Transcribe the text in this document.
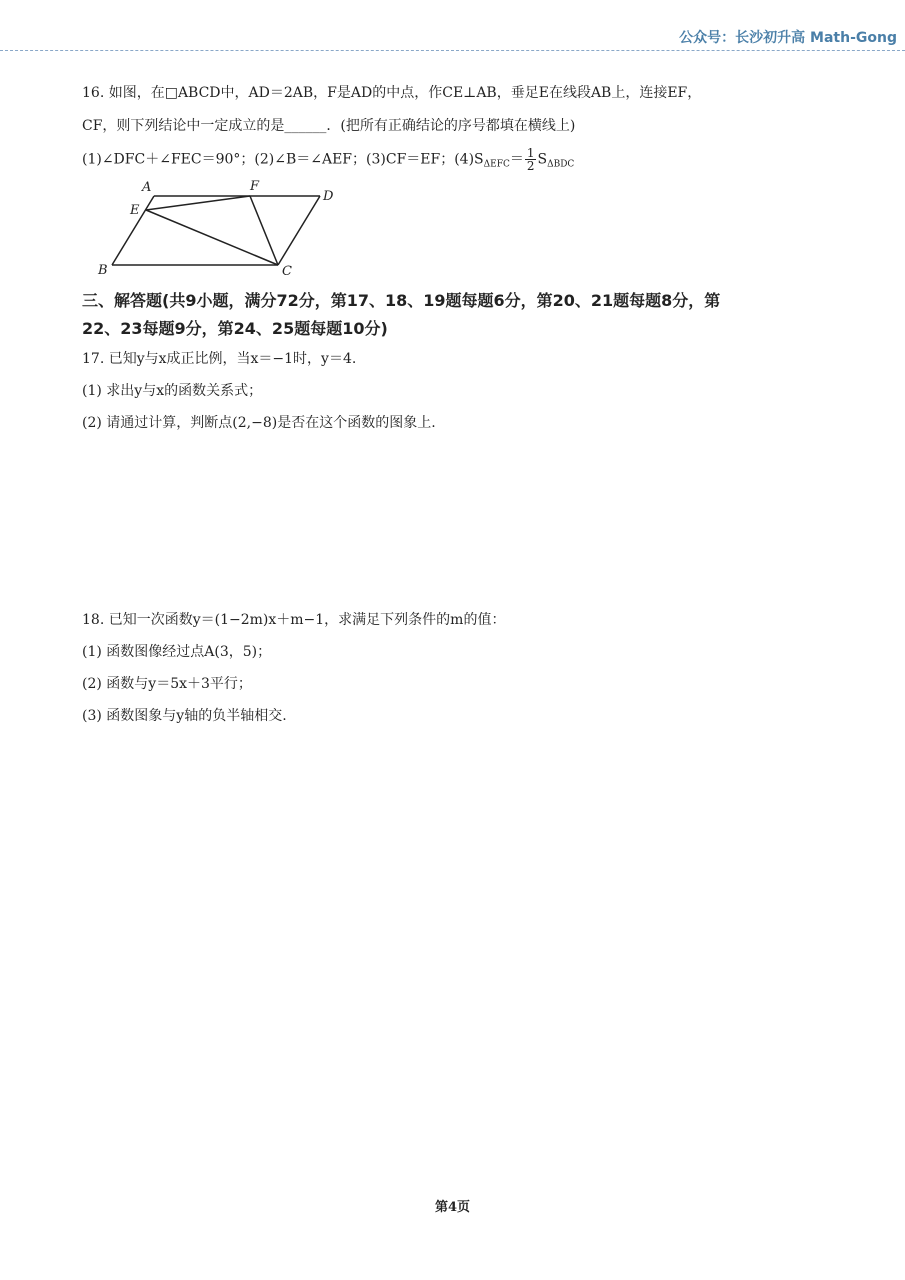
公众号：长沙初升高 Math-Gong
16. 如图，在□ABCD中，AD＝2AB，F是AD的中点，作CE⊥AB，垂足E在线段AB上，连接EF，
CF，则下列结论中一定成立的是______．(把所有正确结论的序号都填在横线上)
(1)∠DFC＋∠FEC＝90°；(2)∠B＝∠AEF；(3)CF＝EF；$(4)S_{\Delta EFC}= \frac{1}{2} S_{\Delta BDC}$
A
E
F
D
B	C
三、解答题(共9小题，满分72分，第17、18、19题每题6分，第20、21题每题8分，第
22、23每题9分，第24、25题每题10分)
17. 已知y与x成正比例，当x＝−1时，y＝4.
(1) 求出y与x的函数关系式；
(2) 请通过计算，判断点(2,−8)是否在这个函数的图象上.
18. 已知一次函数y＝(1−2m)x＋m−1，求满足下列条件的m的值：
(1) 函数图像经过点A(3，5)；
(2) 函数与y＝5x＋3平行；
(3) 函数图象与y轴的负半轴相交.
第4页
